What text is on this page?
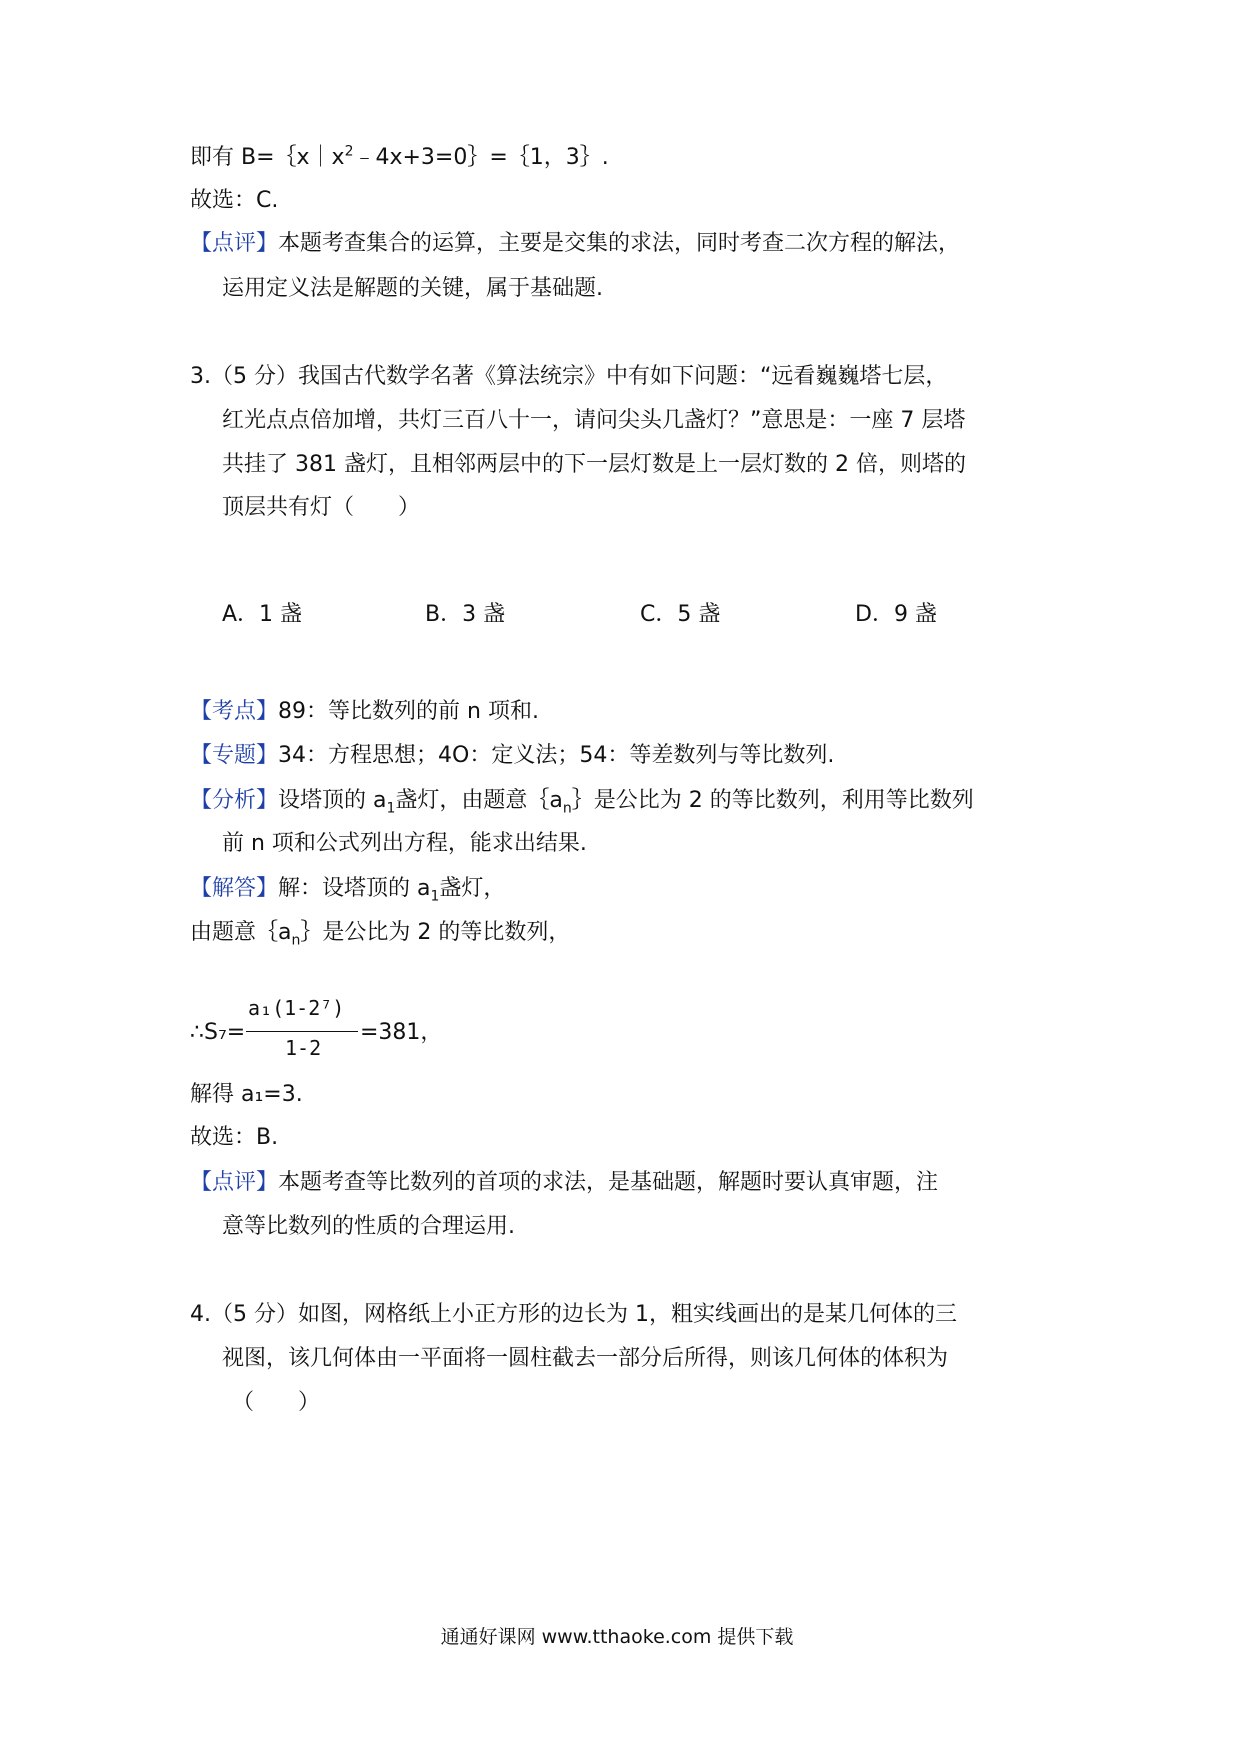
即有 $B=\{x|x^2﹣4x+3=0\}=\{1$，3｝.
故选：C.
【点评】本题考查集合的运算，主要是交集的求法，同时考查二次方程的解法，
运用定义法是解题的关键，属于基础题.
3.（5 分）我国古代数学名著《算法统宗》中有如下问题：“远看巍巍塔七层，
红光点点倍加增，共灯三百八十一，请问尖头几盏灯？”意思是：一座 7 层塔
共挂了 381 盏灯，且相邻两层中的下一层灯数是上一层灯数的 2 倍，则塔的
顶层共有灯（　　）
A．1 盏	B．3 盏	C．5 盏	D．9 盏
【考点】89：等比数列的前 n 项和.
【专题】34：方程思想；4O：定义法；54：等差数列与等比数列.
【分析】设塔顶的 $a_1$盏灯，由题意$\{a_n\}$是公比为 2 的等比数列，利用等比数列
前 n 项和公式列出方程，能求出结果.
【解答】解：设塔顶的 $a_1$盏灯，
由题意$\{a_n\}$是公比为 2 的等比数列，
∴S₇=
a₁(1-2⁷)
1-2
=381，
解得 a₁=3.
故选：B.
【点评】本题考查等比数列的首项的求法，是基础题，解题时要认真审题，注
意等比数列的性质的合理运用.
4.（5 分）如图，网格纸上小正方形的边长为 1，粗实线画出的是某几何体的三
视图，该几何体由一平面将一圆柱截去一部分后所得，则该几何体的体积为
（　　）
通通好课网 www.tthaoke.com 提供下载
